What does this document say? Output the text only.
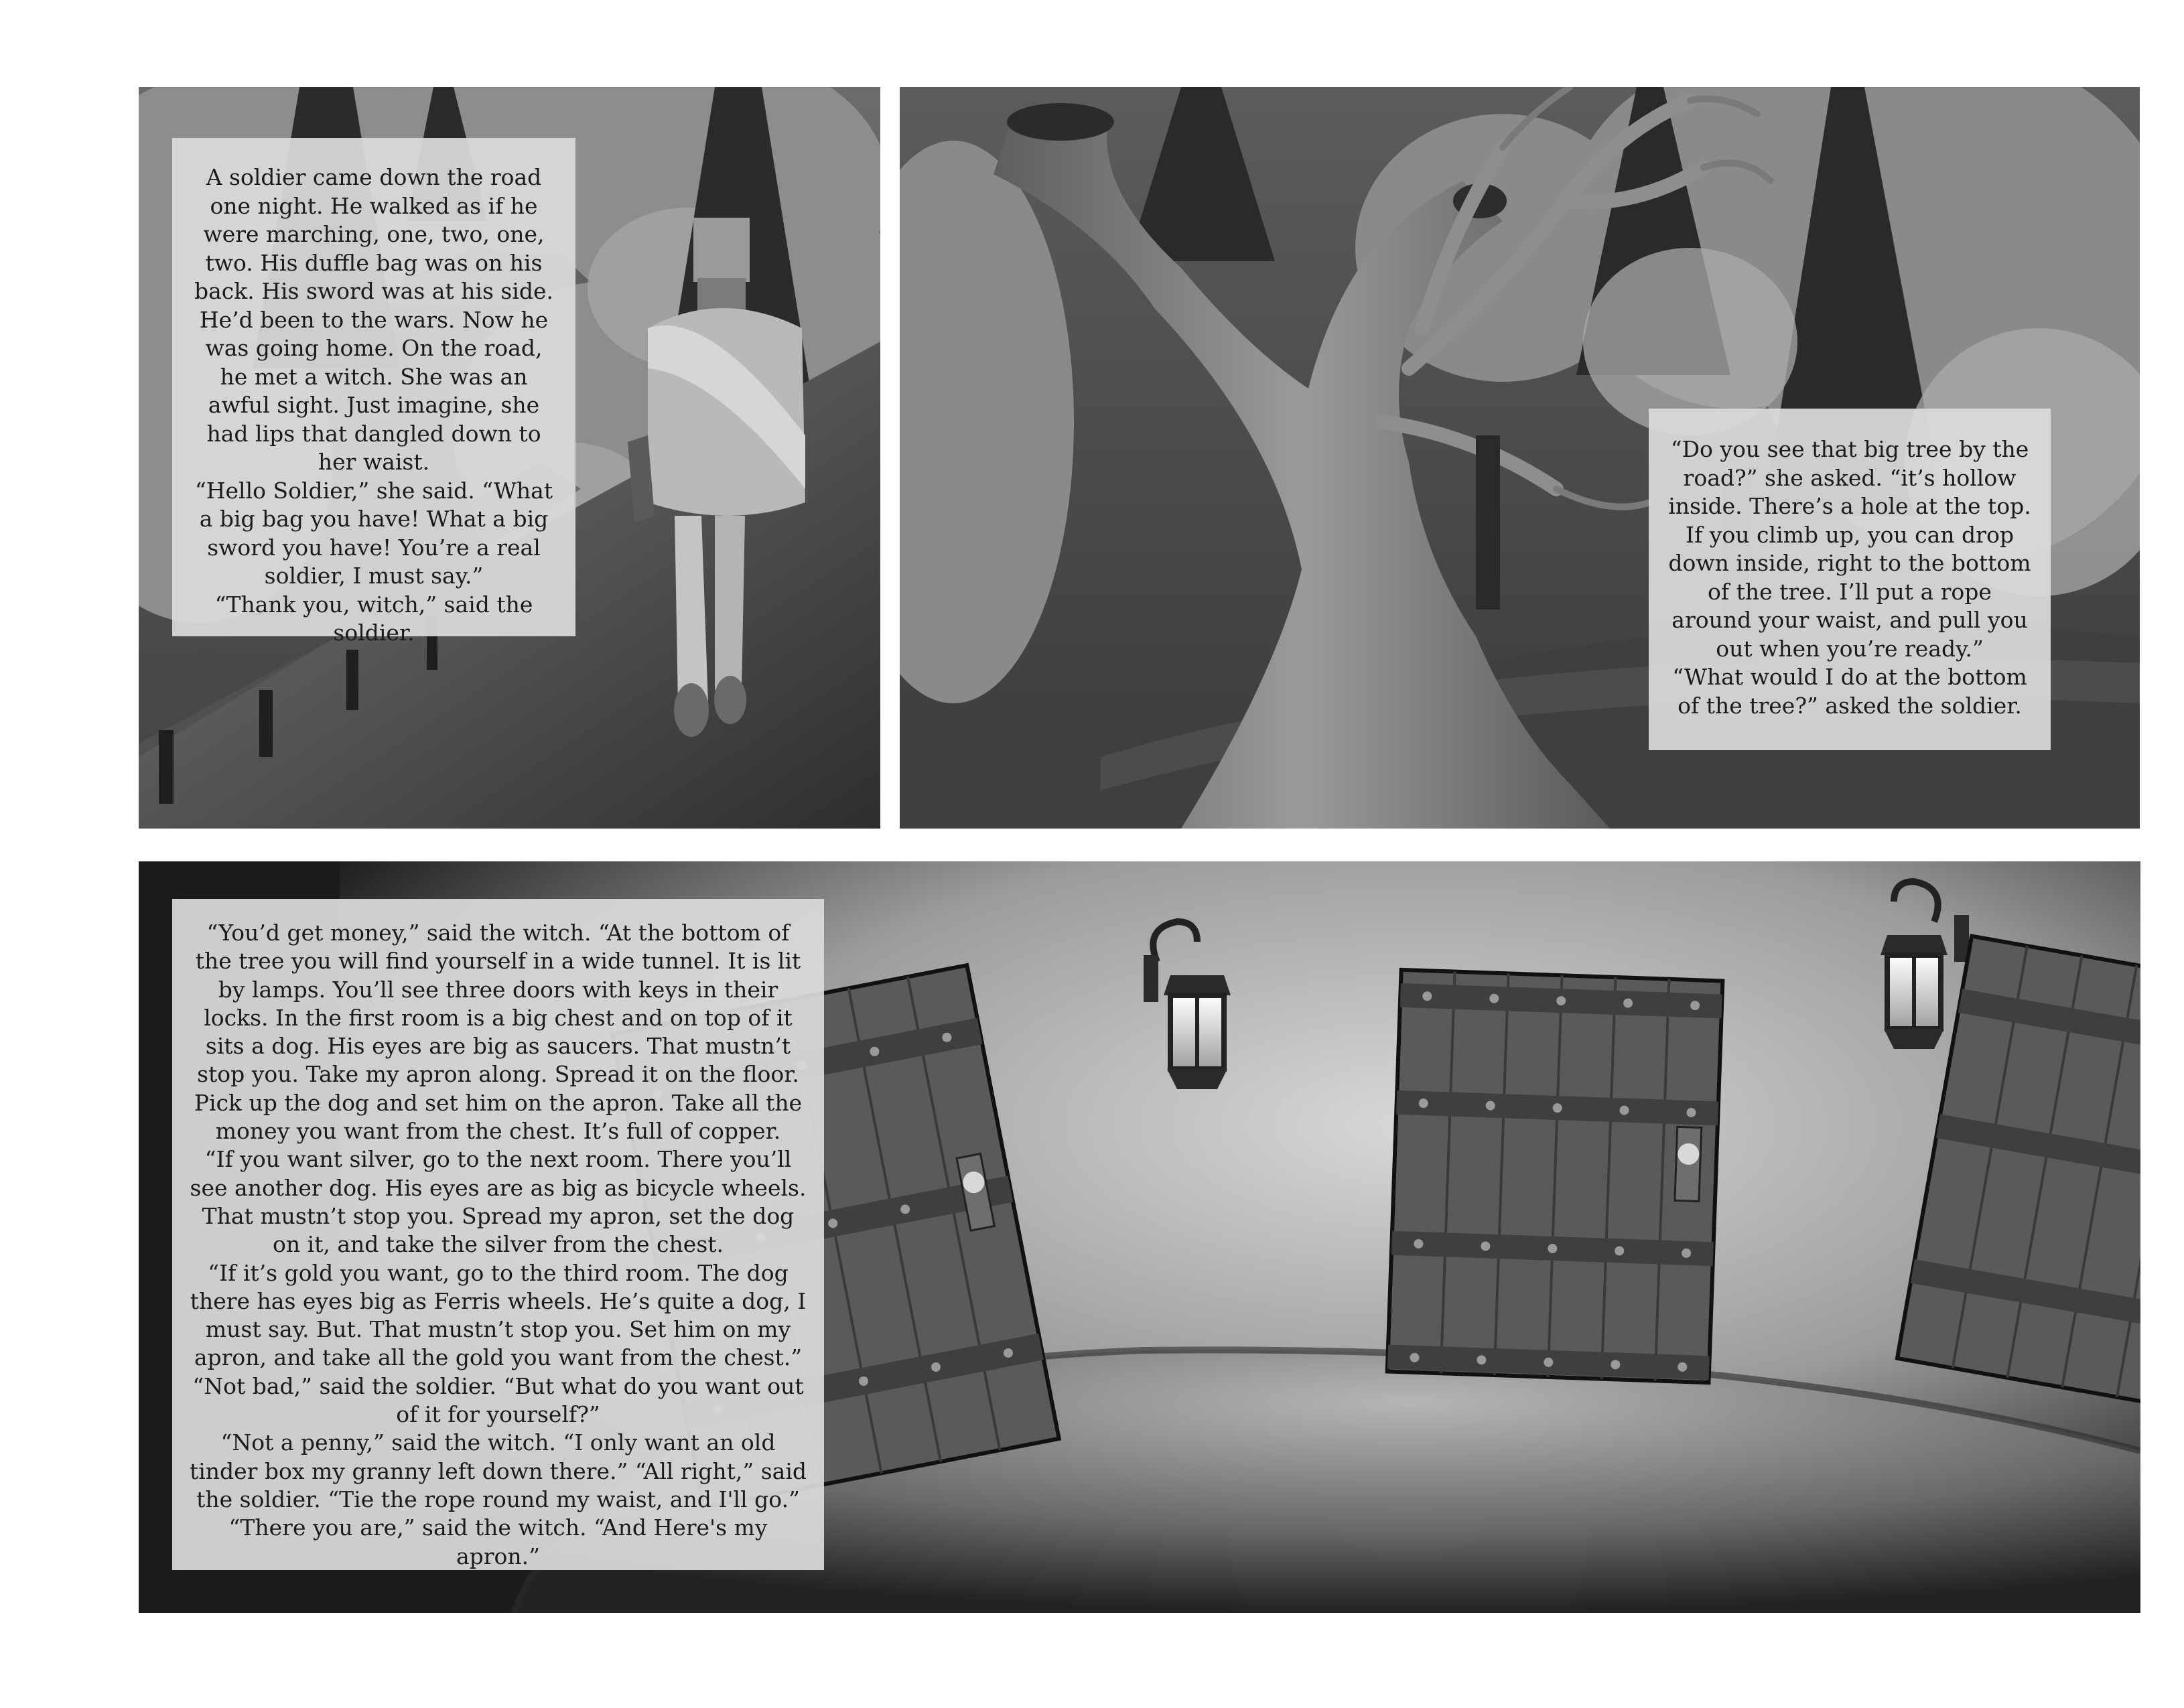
A soldier came down the road one night. He walked as if he were marching, one, two, one, two. His duffle bag was on his back. His sword was at his side. He’d been to the wars. Now he was going home. On the road, he met a witch. She was an awful sight. Just imagine, she had lips that dangled down to her waist.
“Hello Soldier,” she said. “What a big bag you have! What a big sword you have! You’re a real soldier, I must say.”
“Thank you, witch,” said the soldier.

“Do you see that big tree by the road?” she asked. “it’s hollow inside. There’s a hole at the top. If you climb up, you can drop down inside, right to the bottom of the tree. I’ll put a rope around your waist, and pull you out when you’re ready.”
“What would I do at the bottom of the tree?” asked the soldier.

“You’d get money,” said the witch. “At the bottom of the tree you will find yourself in a wide tunnel. It is lit by lamps. You’ll see three doors with keys in their locks. In the first room is a big chest and on top of it sits a dog. His eyes are big as saucers. That mustn’t stop you. Take my apron along. Spread it on the floor. Pick up the dog and set him on the apron. Take all the money you want from the chest. It’s full of copper.
“If you want silver, go to the next room. There you’ll see another dog. His eyes are as big as bicycle wheels. That mustn’t stop you. Spread my apron, set the dog on it, and take the silver from the chest.
“If it’s gold you want, go to the third room. The dog there has eyes big as Ferris wheels. He’s quite a dog, I must say. But. That mustn’t stop you. Set him on my apron, and take all the gold you want from the chest.”
“Not bad,” said the soldier. “But what do you want out of it for yourself?”
“Not a penny,” said the witch. “I only want an old tinder box my granny left down there.” “All right,” said the soldier. “Tie the rope round my waist, and I'll go.”
“There you are,” said the witch. “And Here's my apron.”
